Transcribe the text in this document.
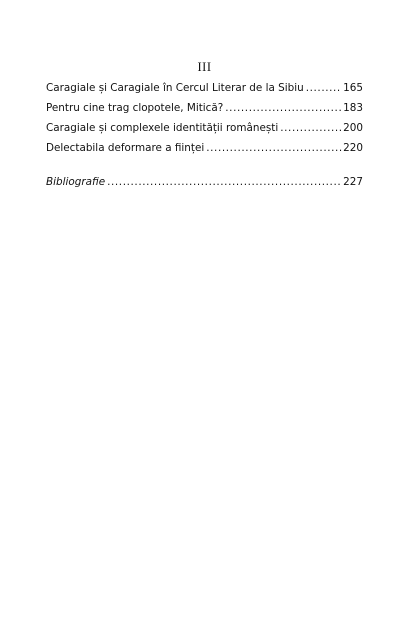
III
Caragiale și Caragiale în Cercul Literar de la Sibiu .....	165
Pentru cine trag clopotele, Mitică? .....	183
Caragiale și complexele identității românești .....	200
Delectabila deformare a ființei .....	220
Bibliografie .....	227
